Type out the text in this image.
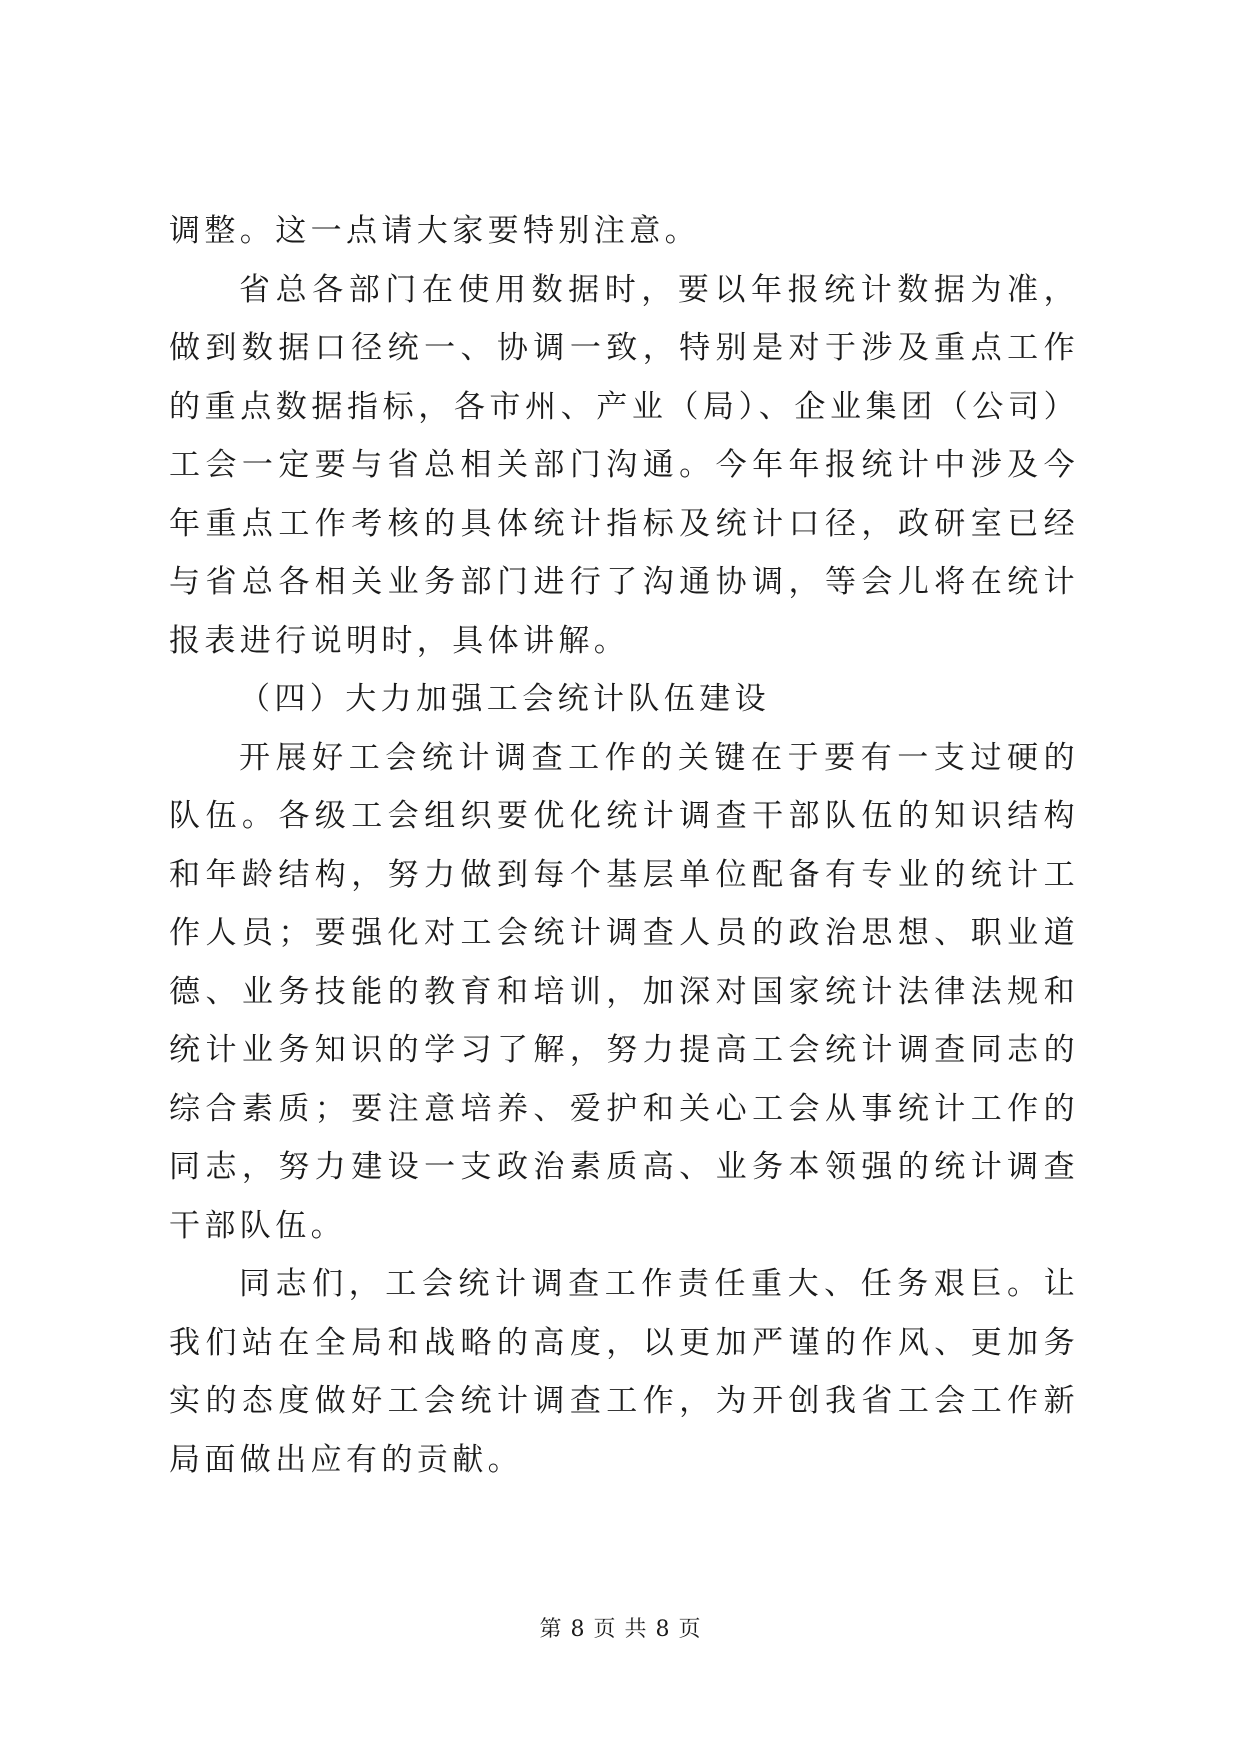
调整。这一点请大家要特别注意。

省总各部门在使用数据时，要以年报统计数据为准，做到数据口径统一、协调一致，特别是对于涉及重点工作的重点数据指标，各市州、产业（局）、企业集团（公司）工会一定要与省总相关部门沟通。今年年报统计中涉及今年重点工作考核的具体统计指标及统计口径，政研室已经与省总各相关业务部门进行了沟通协调，等会儿将在统计报表进行说明时，具体讲解。

（四）大力加强工会统计队伍建设

开展好工会统计调查工作的关键在于要有一支过硬的队伍。各级工会组织要优化统计调查干部队伍的知识结构和年龄结构，努力做到每个基层单位配备有专业的统计工作人员；要强化对工会统计调查人员的政治思想、职业道德、业务技能的教育和培训，加深对国家统计法律法规和统计业务知识的学习了解，努力提高工会统计调查同志的综合素质；要注意培养、爱护和关心工会从事统计工作的同志，努力建设一支政治素质高、业务本领强的统计调查干部队伍。

同志们，工会统计调查工作责任重大、任务艰巨。让我们站在全局和战略的高度，以更加严谨的作风、更加务实的态度做好工会统计调查工作，为开创我省工会工作新局面做出应有的贡献。

第 8 页 共 8 页
